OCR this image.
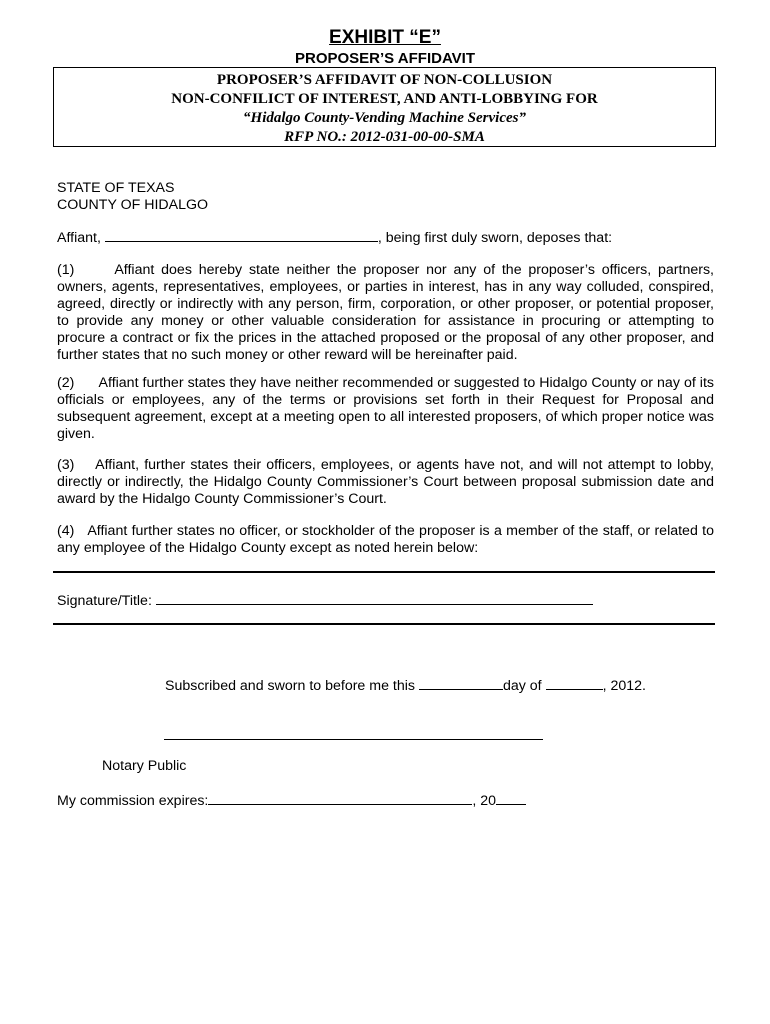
EXHIBIT “E”
PROPOSER’S AFFIDAVIT
PROPOSER’S AFFIDAVIT OF NON-COLLUSION
NON-CONFILICT OF INTEREST, AND ANTI-LOBBYING FOR
“Hidalgo County-Vending Machine Services”
RFP NO.: 2012-031-00-00-SMA
STATE OF TEXAS
COUNTY OF HIDALGO
Affiant,	, being first duly sworn, deposes that:
(1)	Affiant does hereby state neither the proposer nor any of the proposer’s officers, partners, owners, agents, representatives, employees, or parties in interest, has in any way colluded, conspired, agreed, directly or indirectly with any person, firm, corporation, or other proposer, or potential proposer, to provide any money or other valuable consideration for assistance in procuring or attempting to procure a contract or fix the prices in the attached proposed or the proposal of any other proposer, and further states that no such money or other reward will be hereinafter paid.
(2) Affiant further states they have neither recommended or suggested to Hidalgo County or nay of its officials or employees, any of the terms or provisions set forth in their Request for Proposal and subsequent agreement, except at a meeting open to all interested proposers, of which proper notice was given.
(3) Affiant, further states their officers, employees, or agents have not, and will not attempt to lobby, directly or indirectly, the Hidalgo County Commissioner’s Court between proposal submission date and award by the Hidalgo County Commissioner’s Court.
(4) Affiant further states no officer, or stockholder of the proposer is a member of the staff, or related to any employee of the Hidalgo County except as noted herein below:
Signature/Title:
Subscribed and sworn to before me this	day of	, 2012.
Notary Public
My commission expires:	, 20
